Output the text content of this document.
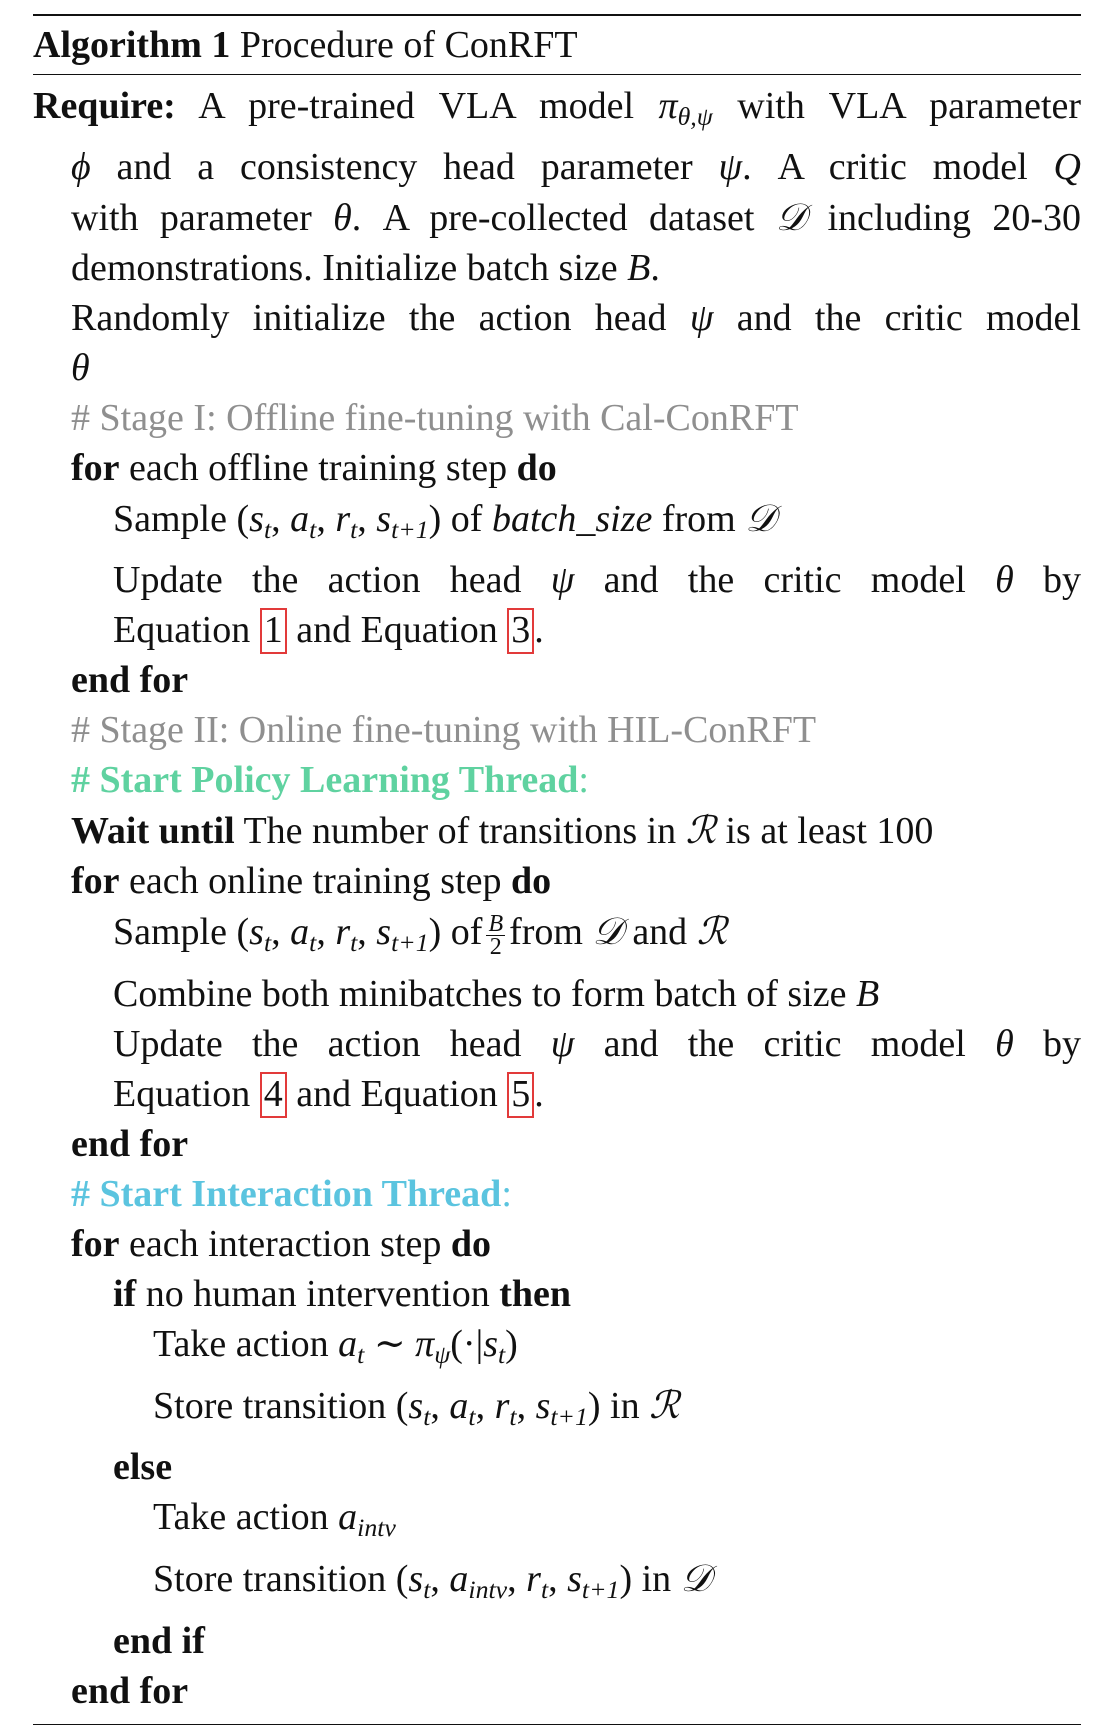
Algorithm 1 Procedure of ConRFT
Require: A pre-trained VLA model $\pi_{\theta,\psi}$ with VLA parameter
ϕ and a consistency head parameter ψ. A critic model Q
with parameter θ. A pre-collected dataset 𝒟 including 20-30
demonstrations. Initialize batch size B.
Randomly initialize the action head ψ and the critic model
θ
# Stage I: Offline fine-tuning with Cal-ConRFT
for each offline training step do
Sample ($s_t$, $a_t$, $r_t$, $s_{t+1}$) of batch_size from 𝒟
Update the action head ψ and the critic model θ by
Equation 1 and Equation 3 .
end for
# Stage II: Online fine-tuning with HIL-ConRFT
# Start Policy Learning Thread:
Wait until The number of transitions in ℛ is at least 100
for each online training step do
Sample ($s_t$, $a_t$, $r_t$, $s_{t+1}$) of $\frac{B}{2}$ from 𝒟 and ℛ
Combine both minibatches to form batch of size B
Update the action head ψ and the critic model θ by
Equation 4 and Equation 5 .
end for
# Start Interaction Thread:
for each interaction step do
if no human intervention then
Take action $a_t$ ∼ $\pi_\psi(\cdot|s_t)$
Store transition ($s_t$, $a_t$, $r_t$, $s_{t+1}$) in ℛ
else
Take action $a_{intv}$
Store transition ($s_t$, $a_{intv}$, $r_t$, $s_{t+1}$) in 𝒟
end if
end for
